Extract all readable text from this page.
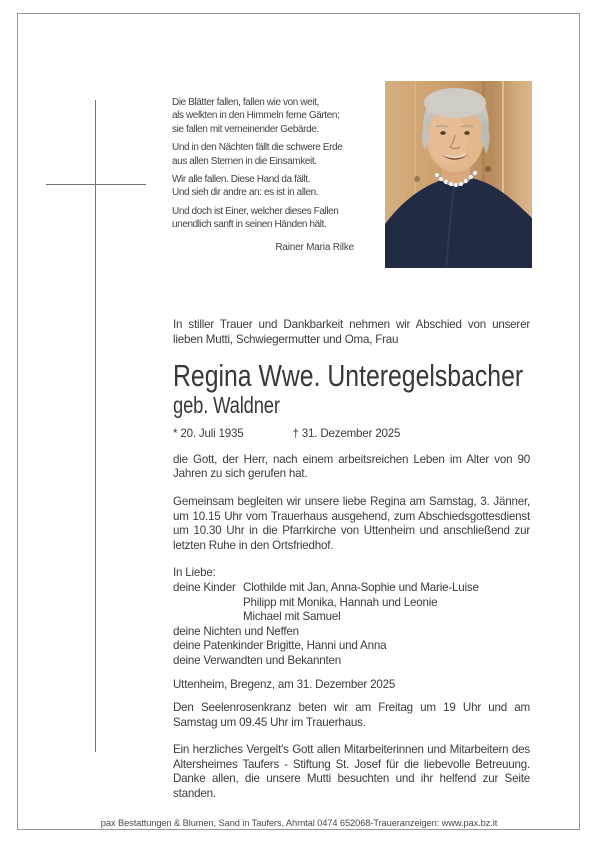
Die Blätter fallen, fallen wie von weit,
als welkten in den Himmeln ferne Gärten;
sie fallen mit verneinender Gebärde.
Und in den Nächten fällt die schwere Erde
aus allen Sternen in die Einsamkeit.
Wir alle fallen. Diese Hand da fällt.
Und sieh dir andre an: es ist in allen.
Und doch ist Einer, welcher dieses Fallen
unendlich sanft in seinen Händen hält.
Rainer Maria Rilke

In stiller Trauer und Dankbarkeit nehmen wir Abschied von unserer lieben Mutti, Schwiegermutter und Oma, Frau

Regina Wwe. Unteregelsbacher
geb. Waldner
* 20. Juli 1935	† 31. Dezember 2025

die Gott, der Herr, nach einem arbeitsreichen Leben im Alter von 90 Jahren zu sich gerufen hat.

Gemeinsam begleiten wir unsere liebe Regina am Samstag, 3. Jänner, um 10.15 Uhr vom Trauerhaus ausgehend, zum Abschiedsgottesdienst um 10.30 Uhr in die Pfarrkirche von Uttenheim und anschließend zur letzten Ruhe in den Ortsfriedhof.

In Liebe:
deine Kinder Clothilde mit Jan, Anna-Sophie und Marie-Luise
Philipp mit Monika, Hannah und Leonie
Michael mit Samuel
deine Nichten und Neffen
deine Patenkinder Brigitte, Hanni und Anna
deine Verwandten und Bekannten
Uttenheim, Bregenz, am 31. Dezember 2025

Den Seelenrosenkranz beten wir am Freitag um 19 Uhr und am Samstag um 09.45 Uhr im Trauerhaus.

Ein herzliches Vergelt's Gott allen Mitarbeiterinnen und Mitarbeitern des Altersheimes Taufers - Stiftung St. Josef für die liebevolle Betreuung. Danke allen, die unsere Mutti besuchten und ihr helfend zur Seite standen.

pax Bestattungen & Blumen, Sand in Taufers, Ahrntal 0474 652068-Traueranzeigen: www.pax.bz.it
